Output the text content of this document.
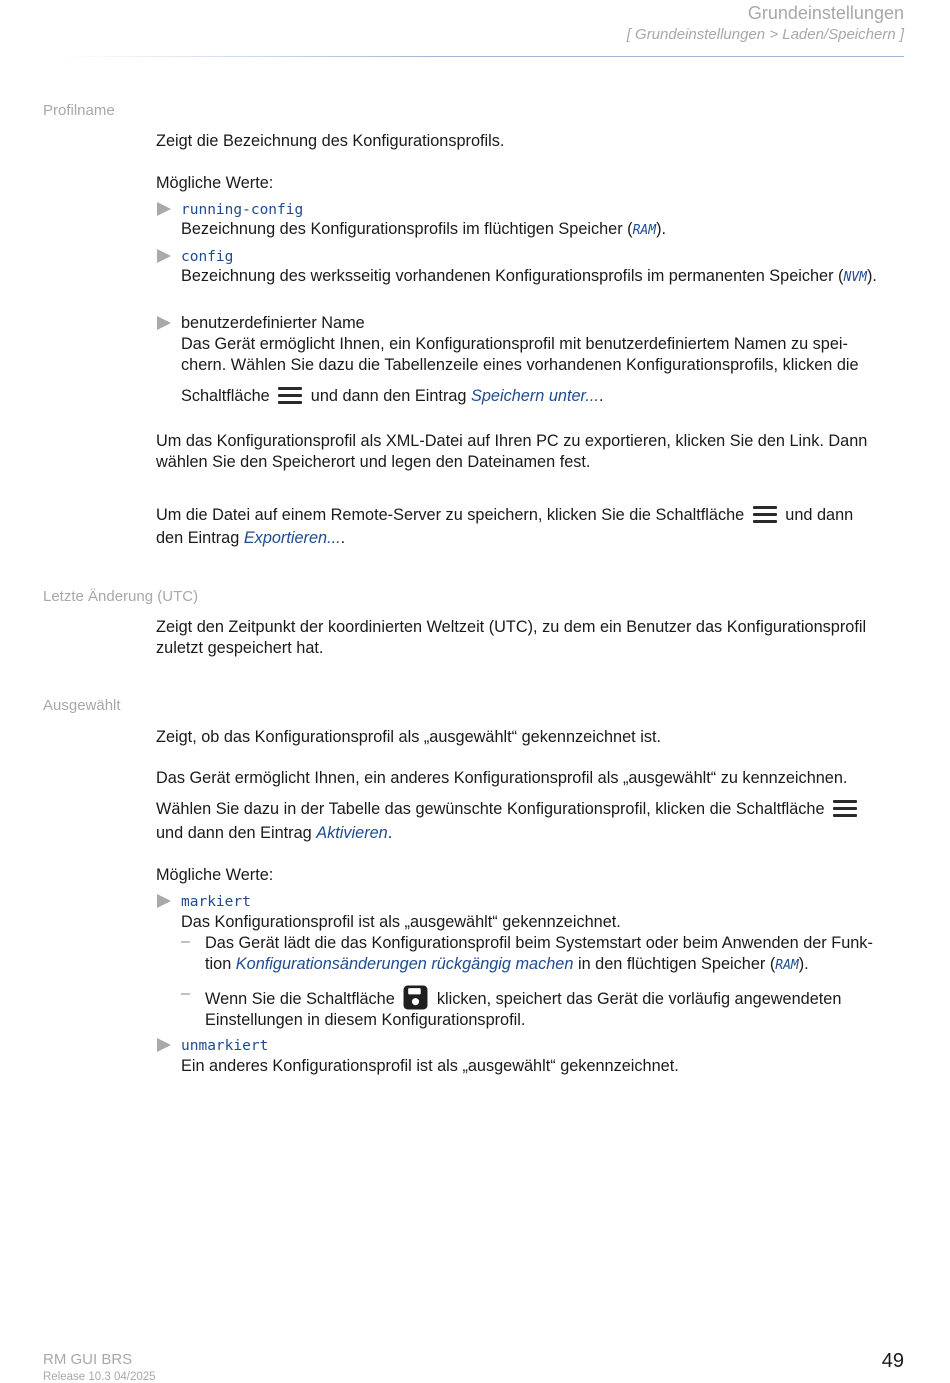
Grundeinstellungen
[ Grundeinstellungen > Laden/Speichern ]
Profilname
Zeigt die Bezeichnung des Konfigurationsprofils.
Mögliche Werte:
running-config
Bezeichnung des Konfigurationsprofils im flüchtigen Speicher (RAM).
config
Bezeichnung des werksseitig vorhandenen Konfigurationsprofils im permanenten Speicher (NVM).
benutzerdefinierter Name
Das Gerät ermöglicht Ihnen, ein Konfigurationsprofil mit benutzerdefiniertem Namen zu spei-
chern. Wählen Sie dazu die Tabellenzeile eines vorhandenen Konfigurationsprofils, klicken die
Schaltfläche	und dann den Eintrag Speichern unter....
Um das Konfigurationsprofil als XML-Datei auf Ihren PC zu exportieren, klicken Sie den Link. Dann wählen Sie den Speicherort und legen den Dateinamen fest.
Um die Datei auf einem Remote-Server zu speichern, klicken Sie die Schaltfläche	und dann
den Eintrag Exportieren....
Letzte Änderung (UTC)
Zeigt den Zeitpunkt der koordinierten Weltzeit (UTC), zu dem ein Benutzer das Konfigurationsprofil zuletzt gespeichert hat.
Ausgewählt
Zeigt, ob das Konfigurationsprofil als „ausgewählt“ gekennzeichnet ist.
Das Gerät ermöglicht Ihnen, ein anderes Konfigurationsprofil als „ausgewählt“ zu kennzeichnen.
Wählen Sie dazu in der Tabelle das gewünschte Konfigurationsprofil, klicken die Schaltfläche
und dann den Eintrag Aktivieren.
Mögliche Werte:
markiert
Das Konfigurationsprofil ist als „ausgewählt“ gekennzeichnet.
– Das Gerät lädt die das Konfigurationsprofil beim Systemstart oder beim Anwenden der Funk-
tion Konfigurationsänderungen rückgängig machen in den flüchtigen Speicher (RAM).
– Wenn Sie die Schaltfläche	klicken, speichert das Gerät die vorläufig angewendeten
Einstellungen in diesem Konfigurationsprofil.
unmarkiert
Ein anderes Konfigurationsprofil ist als „ausgewählt“ gekennzeichnet.
RM GUI BRS
Release 10.3 04/2025
49
